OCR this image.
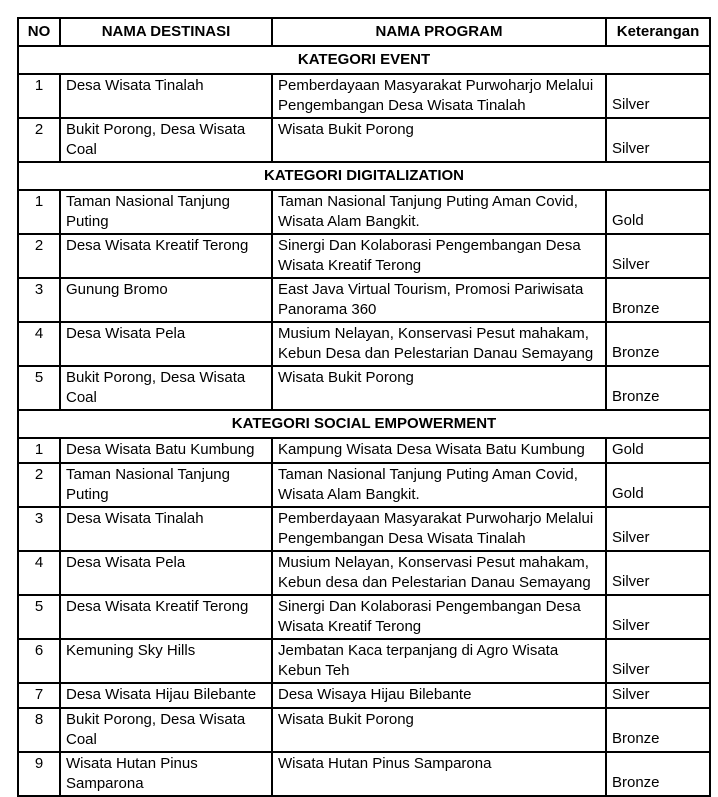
NO	NAMA DESTINASI	NAMA PROGRAM	Keterangan
KATEGORI EVENT			
1	Desa Wisata Tinalah	Pemberdayaan Masyarakat Purwoharjo Melalui Pengembangan Desa Wisata Tinalah	Silver
2	Bukit Porong, Desa Wisata Coal	Wisata Bukit Porong	Silver
KATEGORI DIGITALIZATION			
1	Taman Nasional Tanjung Puting	Taman Nasional Tanjung Puting Aman Covid, Wisata Alam Bangkit.	Gold
2	Desa Wisata Kreatif Terong	Sinergi Dan Kolaborasi Pengembangan Desa Wisata Kreatif Terong	Silver
3	Gunung Bromo	East Java Virtual Tourism, Promosi Pariwisata Panorama 360	Bronze
4	Desa Wisata Pela	Musium Nelayan, Konservasi Pesut mahakam, Kebun Desa dan Pelestarian Danau Semayang	Bronze
5	Bukit Porong, Desa Wisata Coal	Wisata Bukit Porong	Bronze
KATEGORI SOCIAL EMPOWERMENT			
1	Desa Wisata Batu Kumbung	Kampung Wisata Desa Wisata Batu Kumbung	Gold
2	Taman Nasional Tanjung Puting	Taman Nasional Tanjung Puting Aman Covid, Wisata Alam Bangkit.	Gold
3	Desa Wisata Tinalah	Pemberdayaan Masyarakat Purwoharjo Melalui Pengembangan Desa Wisata Tinalah	Silver
4	Desa Wisata Pela	Musium Nelayan, Konservasi Pesut mahakam, Kebun desa dan Pelestarian Danau Semayang	Silver
5	Desa Wisata Kreatif Terong	Sinergi Dan Kolaborasi Pengembangan Desa Wisata Kreatif Terong	Silver
6	Kemuning Sky Hills	Jembatan Kaca terpanjang di Agro Wisata Kebun Teh	Silver
7	Desa Wisata Hijau Bilebante	Desa Wisaya Hijau Bilebante	Silver
8	Bukit Porong, Desa Wisata Coal	Wisata Bukit Porong	Bronze
9	Wisata Hutan Pinus Samparona	Wisata Hutan Pinus Samparona	Bronze
